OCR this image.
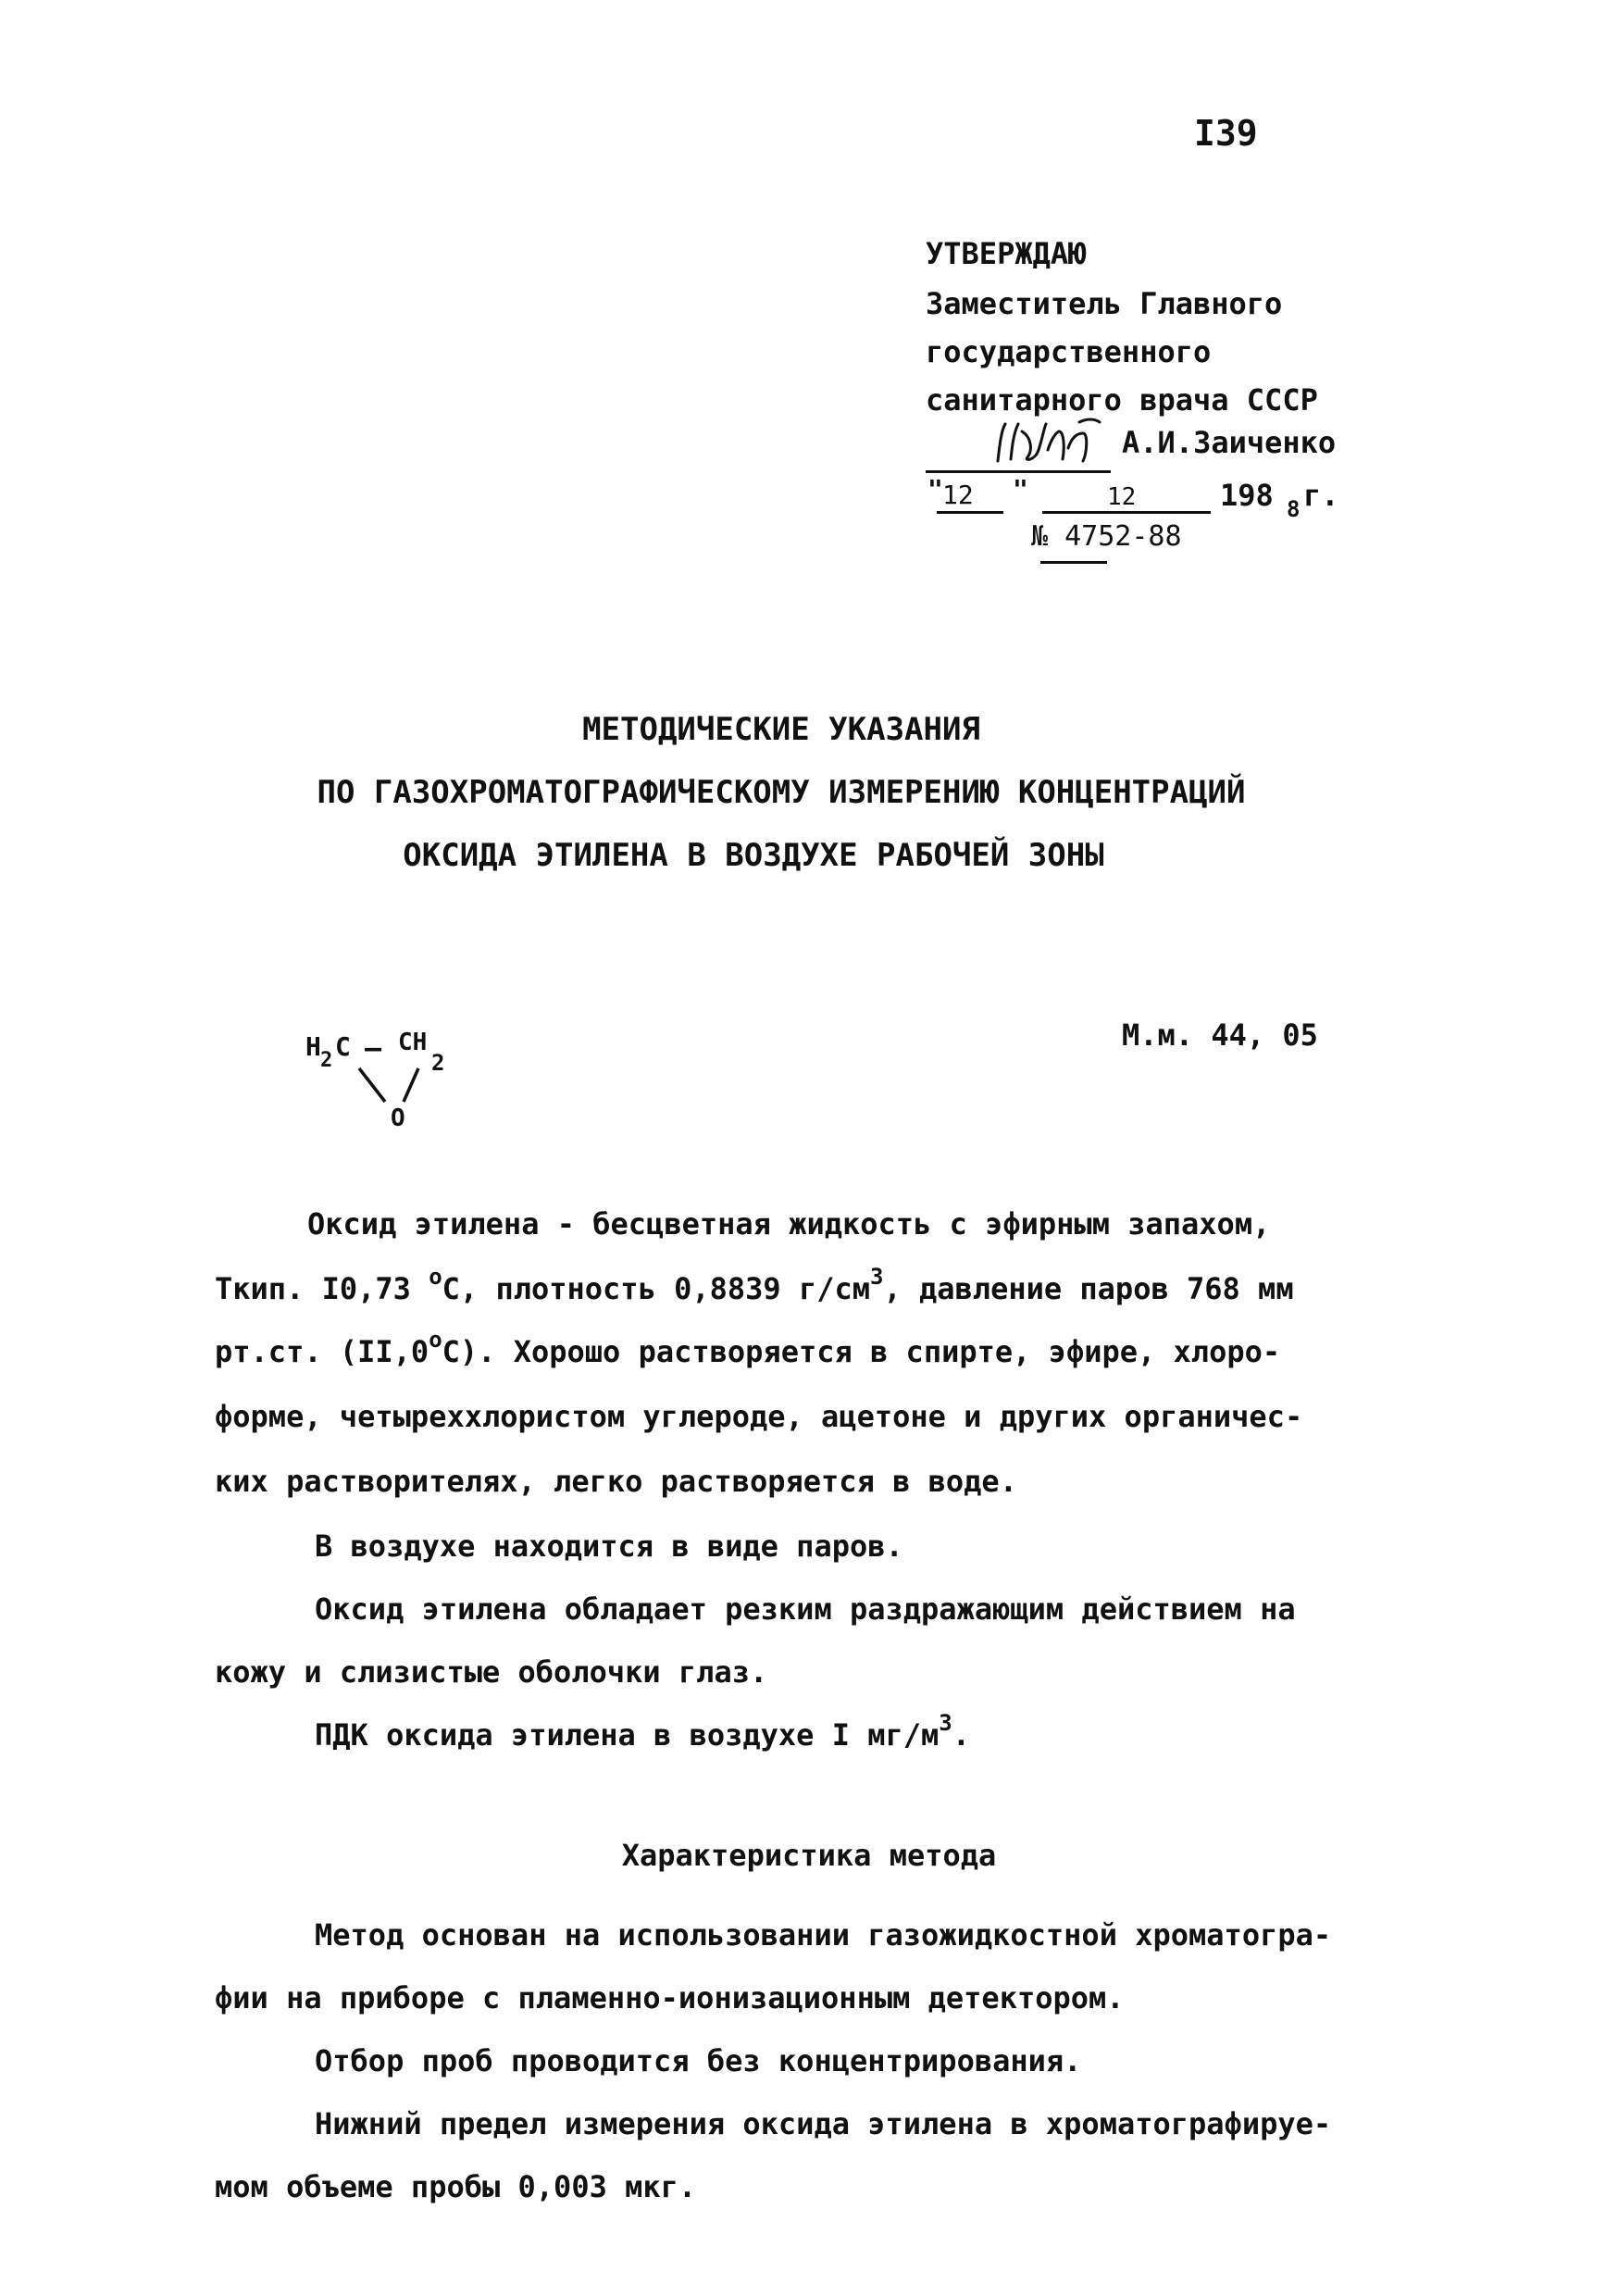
I39
УТВЕРЖДАЮ
Заместитель Главного
государственного
санитарного врача СССР
А.И.Заиченко
" 12 "	12	198 8 г.
№ 4752-88
МЕТОДИЧЕСКИЕ УКАЗАНИЯ
ПО ГАЗОХРОМАТОГРАФИЧЕСКОМУ ИЗМЕРЕНИЮ КОНЦЕНТРАЦИЙ
ОКСИДА ЭТИЛЕНА В ВОЗДУХЕ РАБОЧЕЙ ЗОНЫ
H 2 C – CH
2
O
М.м. 44, 05
Оксид этилена - бесцветная жидкость с эфирным запахом,
Ткип. I0,73 $^o$С, плотность 0,8839 $г/см^3$, давление паров 768 мм
рт.ст. (II,0$^o$С). Хорошо растворяется в спирте, эфире, хлоро-
форме, четыреххлористом углероде, ацетоне и других органичес-
ких растворителях, легко растворяется в воде.
В воздухе находится в виде паров.
Оксид этилена обладает резким раздражающим действием на
кожу и слизистые оболочки глаз.
ПДК оксида этилена в воздухе I $мг/м^3$.
Характеристика метода
Метод основан на использовании газожидкостной хроматогра-
фии на приборе с пламенно-ионизационным детектором.
Отбор проб проводится без концентрирования.
Нижний предел измерения оксида этилена в хроматографируе-
мом объеме пробы 0,003 мкг.
